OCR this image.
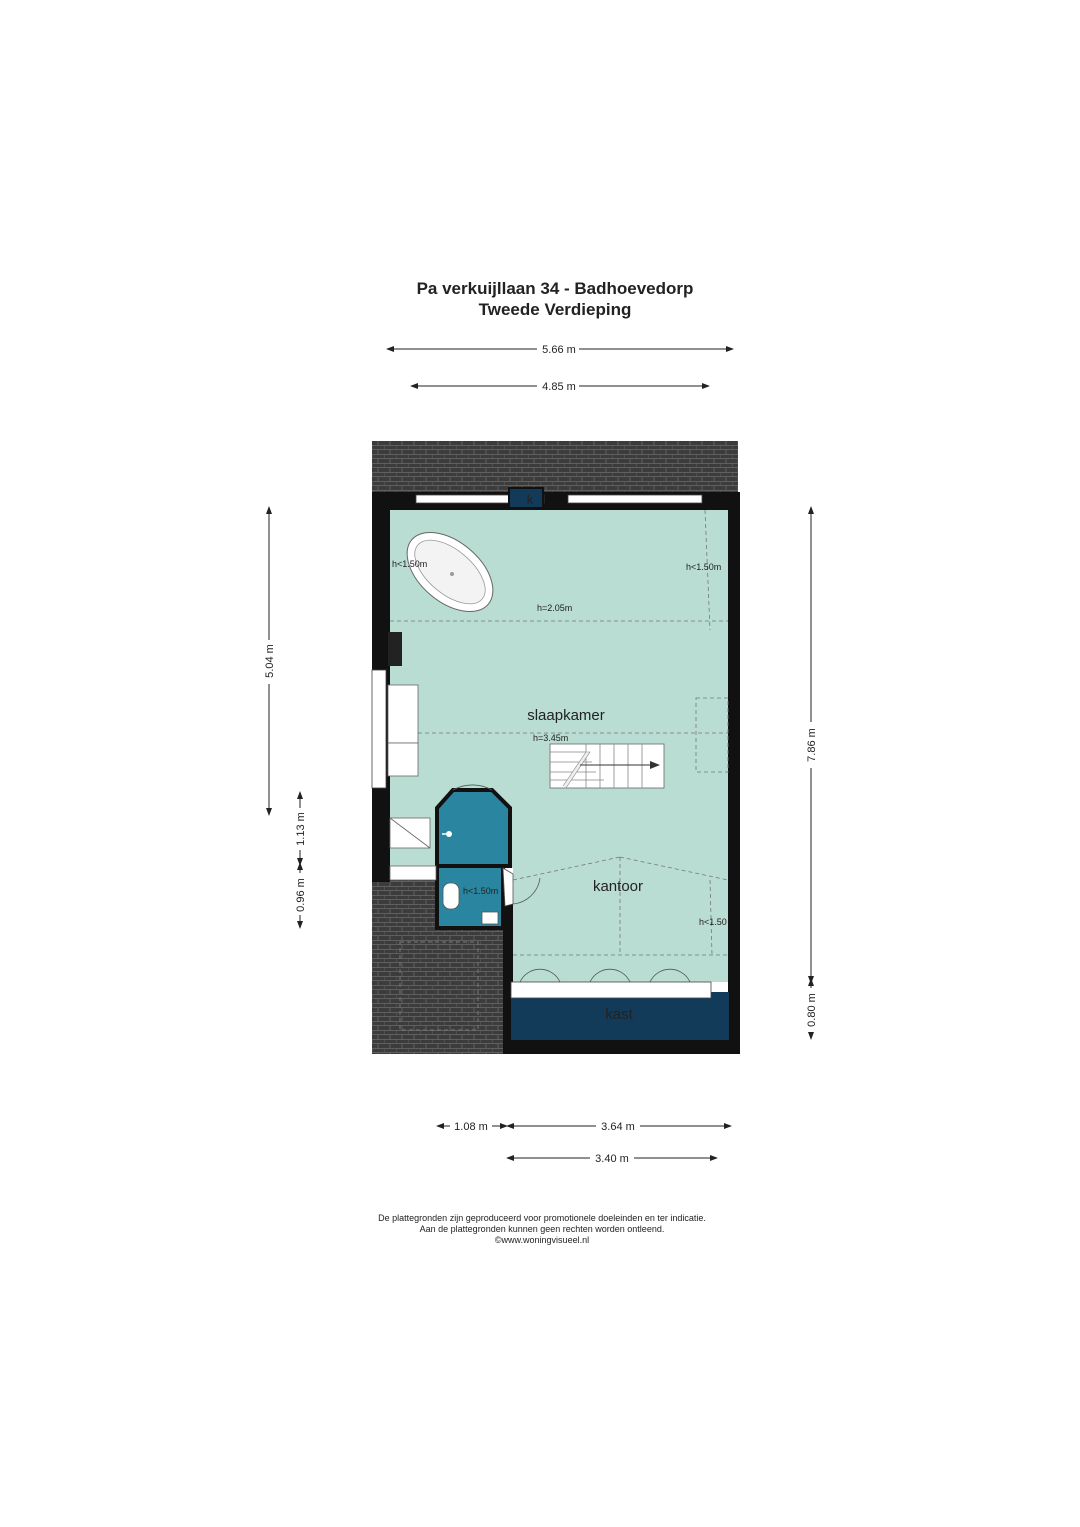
Pa verkuijllaan 34 - Badhoevedorp
Tweede Verdieping
5.66 m
4.85 m
5.04 m
1.13 m
0.96 m
7.86 m
0.80 m
1.08 m	3.64 m
3.40 m
slaapkamer
kantoor
kast
k
h<1.50m	h<1.50m
h=2.05m
h=3.45m
h<1.50m
h<1.50
De plattegronden zijn geproduceerd voor promotionele doeleinden en ter indicatie.
Aan de plattegronden kunnen geen rechten worden ontleend.
©www.woningvisueel.nl
